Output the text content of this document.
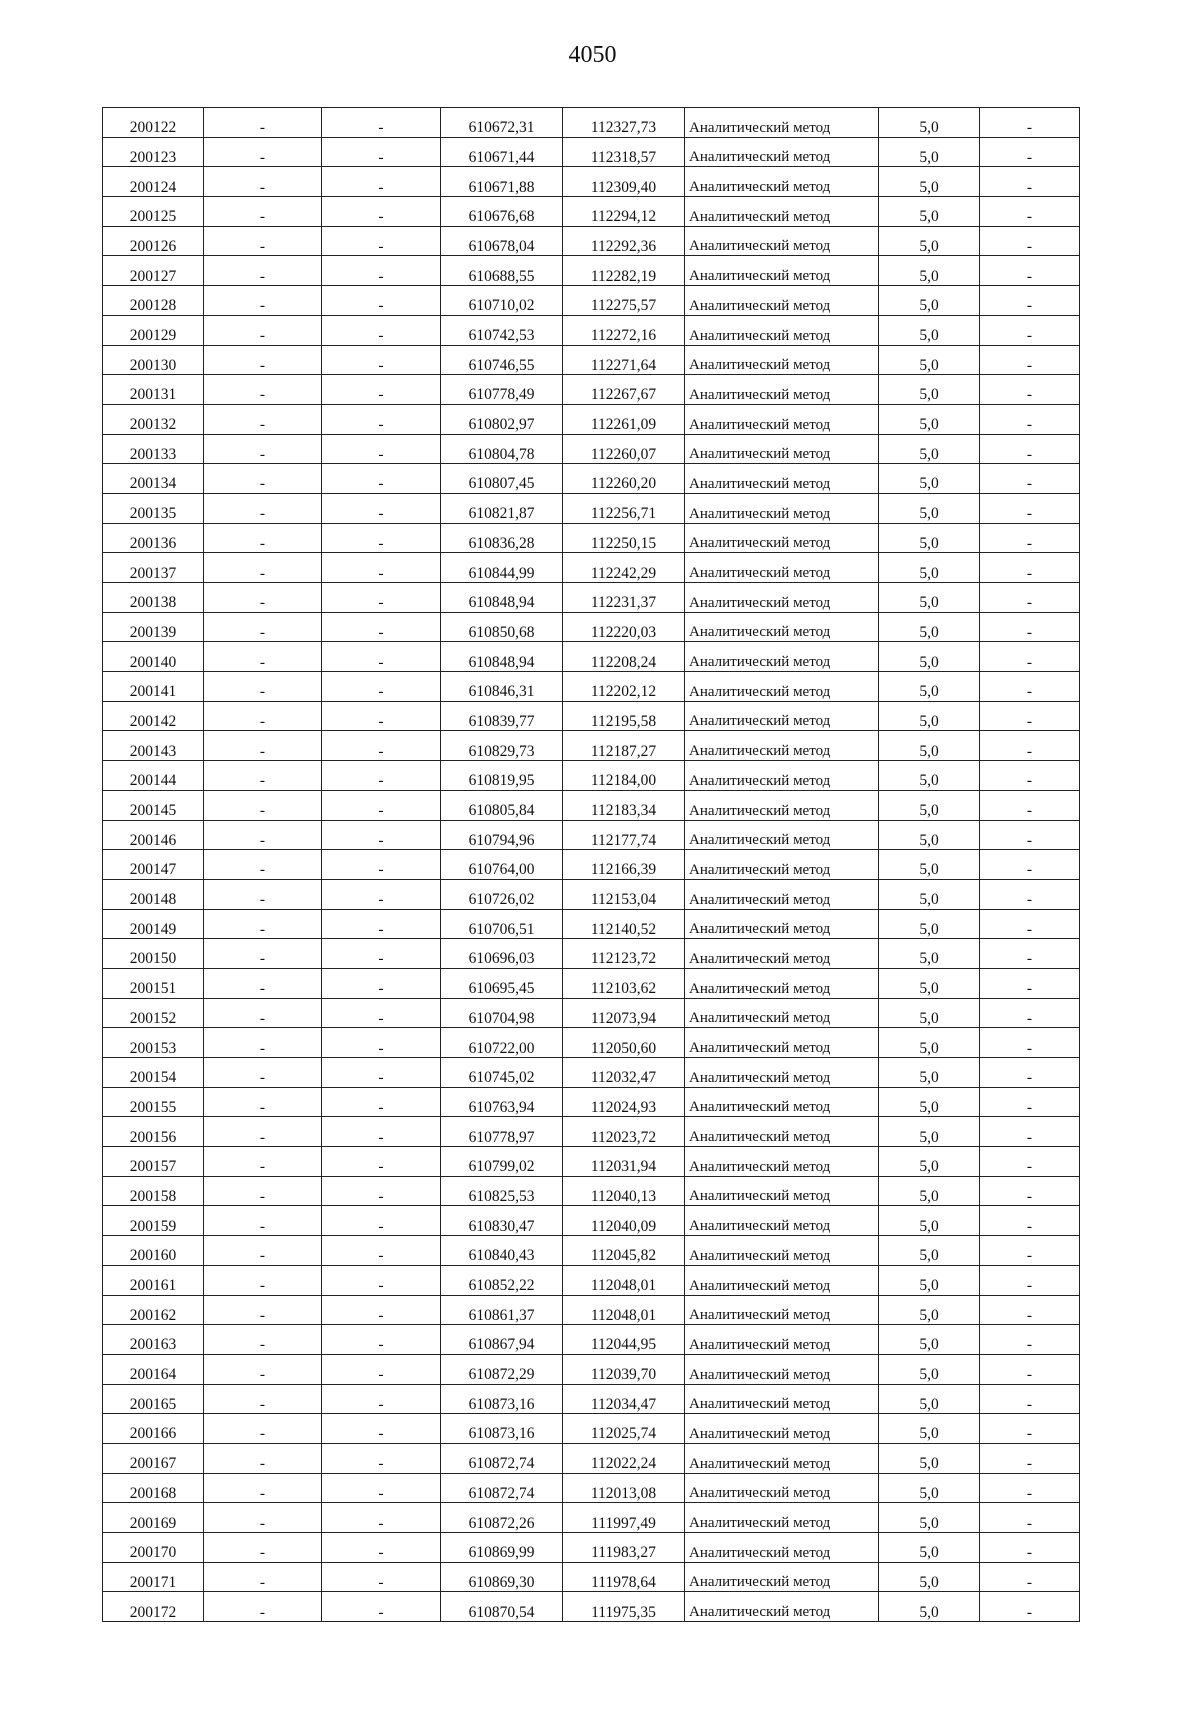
4050
200122	-	-	610672,31	112327,73	Аналитический метод	5,0	-
200123	-	-	610671,44	112318,57	Аналитический метод	5,0	-
200124	-	-	610671,88	112309,40	Аналитический метод	5,0	-
200125	-	-	610676,68	112294,12	Аналитический метод	5,0	-
200126	-	-	610678,04	112292,36	Аналитический метод	5,0	-
200127	-	-	610688,55	112282,19	Аналитический метод	5,0	-
200128	-	-	610710,02	112275,57	Аналитический метод	5,0	-
200129	-	-	610742,53	112272,16	Аналитический метод	5,0	-
200130	-	-	610746,55	112271,64	Аналитический метод	5,0	-
200131	-	-	610778,49	112267,67	Аналитический метод	5,0	-
200132	-	-	610802,97	112261,09	Аналитический метод	5,0	-
200133	-	-	610804,78	112260,07	Аналитический метод	5,0	-
200134	-	-	610807,45	112260,20	Аналитический метод	5,0	-
200135	-	-	610821,87	112256,71	Аналитический метод	5,0	-
200136	-	-	610836,28	112250,15	Аналитический метод	5,0	-
200137	-	-	610844,99	112242,29	Аналитический метод	5,0	-
200138	-	-	610848,94	112231,37	Аналитический метод	5,0	-
200139	-	-	610850,68	112220,03	Аналитический метод	5,0	-
200140	-	-	610848,94	112208,24	Аналитический метод	5,0	-
200141	-	-	610846,31	112202,12	Аналитический метод	5,0	-
200142	-	-	610839,77	112195,58	Аналитический метод	5,0	-
200143	-	-	610829,73	112187,27	Аналитический метод	5,0	-
200144	-	-	610819,95	112184,00	Аналитический метод	5,0	-
200145	-	-	610805,84	112183,34	Аналитический метод	5,0	-
200146	-	-	610794,96	112177,74	Аналитический метод	5,0	-
200147	-	-	610764,00	112166,39	Аналитический метод	5,0	-
200148	-	-	610726,02	112153,04	Аналитический метод	5,0	-
200149	-	-	610706,51	112140,52	Аналитический метод	5,0	-
200150	-	-	610696,03	112123,72	Аналитический метод	5,0	-
200151	-	-	610695,45	112103,62	Аналитический метод	5,0	-
200152	-	-	610704,98	112073,94	Аналитический метод	5,0	-
200153	-	-	610722,00	112050,60	Аналитический метод	5,0	-
200154	-	-	610745,02	112032,47	Аналитический метод	5,0	-
200155	-	-	610763,94	112024,93	Аналитический метод	5,0	-
200156	-	-	610778,97	112023,72	Аналитический метод	5,0	-
200157	-	-	610799,02	112031,94	Аналитический метод	5,0	-
200158	-	-	610825,53	112040,13	Аналитический метод	5,0	-
200159	-	-	610830,47	112040,09	Аналитический метод	5,0	-
200160	-	-	610840,43	112045,82	Аналитический метод	5,0	-
200161	-	-	610852,22	112048,01	Аналитический метод	5,0	-
200162	-	-	610861,37	112048,01	Аналитический метод	5,0	-
200163	-	-	610867,94	112044,95	Аналитический метод	5,0	-
200164	-	-	610872,29	112039,70	Аналитический метод	5,0	-
200165	-	-	610873,16	112034,47	Аналитический метод	5,0	-
200166	-	-	610873,16	112025,74	Аналитический метод	5,0	-
200167	-	-	610872,74	112022,24	Аналитический метод	5,0	-
200168	-	-	610872,74	112013,08	Аналитический метод	5,0	-
200169	-	-	610872,26	111997,49	Аналитический метод	5,0	-
200170	-	-	610869,99	111983,27	Аналитический метод	5,0	-
200171	-	-	610869,30	111978,64	Аналитический метод	5,0	-
200172	-	-	610870,54	111975,35	Аналитический метод	5,0	-
